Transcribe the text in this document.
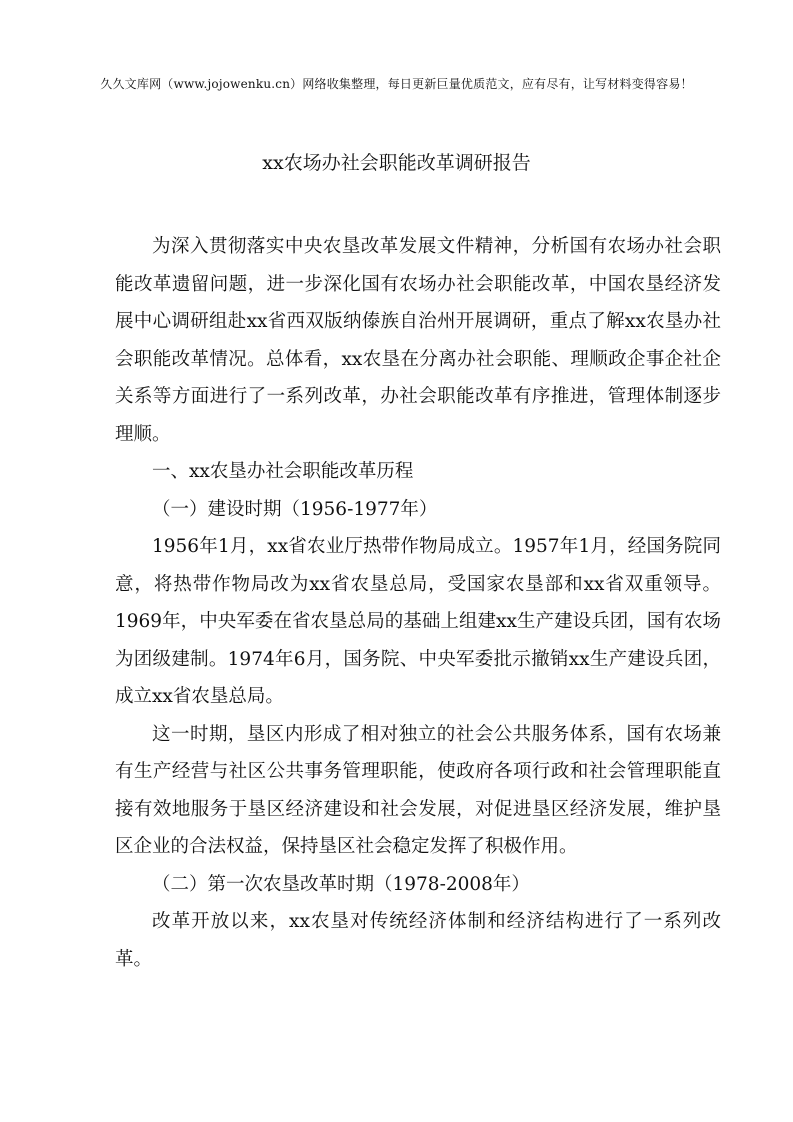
久久文库网（www.jojowenku.cn）网络收集整理，每日更新巨量优质范文，应有尽有，让写材料变得容易！
xx农场办社会职能改革调研报告

为深入贯彻落实中央农垦改革发展文件精神，分析国有农场办社会职能改革遗留问题，进一步深化国有农场办社会职能改革，中国农垦经济发展中心调研组赴xx省西双版纳傣族自治州开展调研，重点了解xx农垦办社会职能改革情况。总体看，xx农垦在分离办社会职能、理顺政企事企社企关系等方面进行了一系列改革，办社会职能改革有序推进，管理体制逐步理顺。

一、xx农垦办社会职能改革历程

（一）建设时期（1956-1977年）

1956年1月，xx省农业厅热带作物局成立。1957年1月，经国务院同意，将热带作物局改为xx省农垦总局，受国家农垦部和xx省双重领导。1969年，中央军委在省农垦总局的基础上组建xx生产建设兵团，国有农场为团级建制。1974年6月，国务院、中央军委批示撤销xx生产建设兵团，成立xx省农垦总局。

这一时期，垦区内形成了相对独立的社会公共服务体系，国有农场兼有生产经营与社区公共事务管理职能，使政府各项行政和社会管理职能直接有效地服务于垦区经济建设和社会发展，对促进垦区经济发展，维护垦区企业的合法权益，保持垦区社会稳定发挥了积极作用。

（二）第一次农垦改革时期（1978-2008年）

改革开放以来，xx农垦对传统经济体制和经济结构进行了一系列改革。
